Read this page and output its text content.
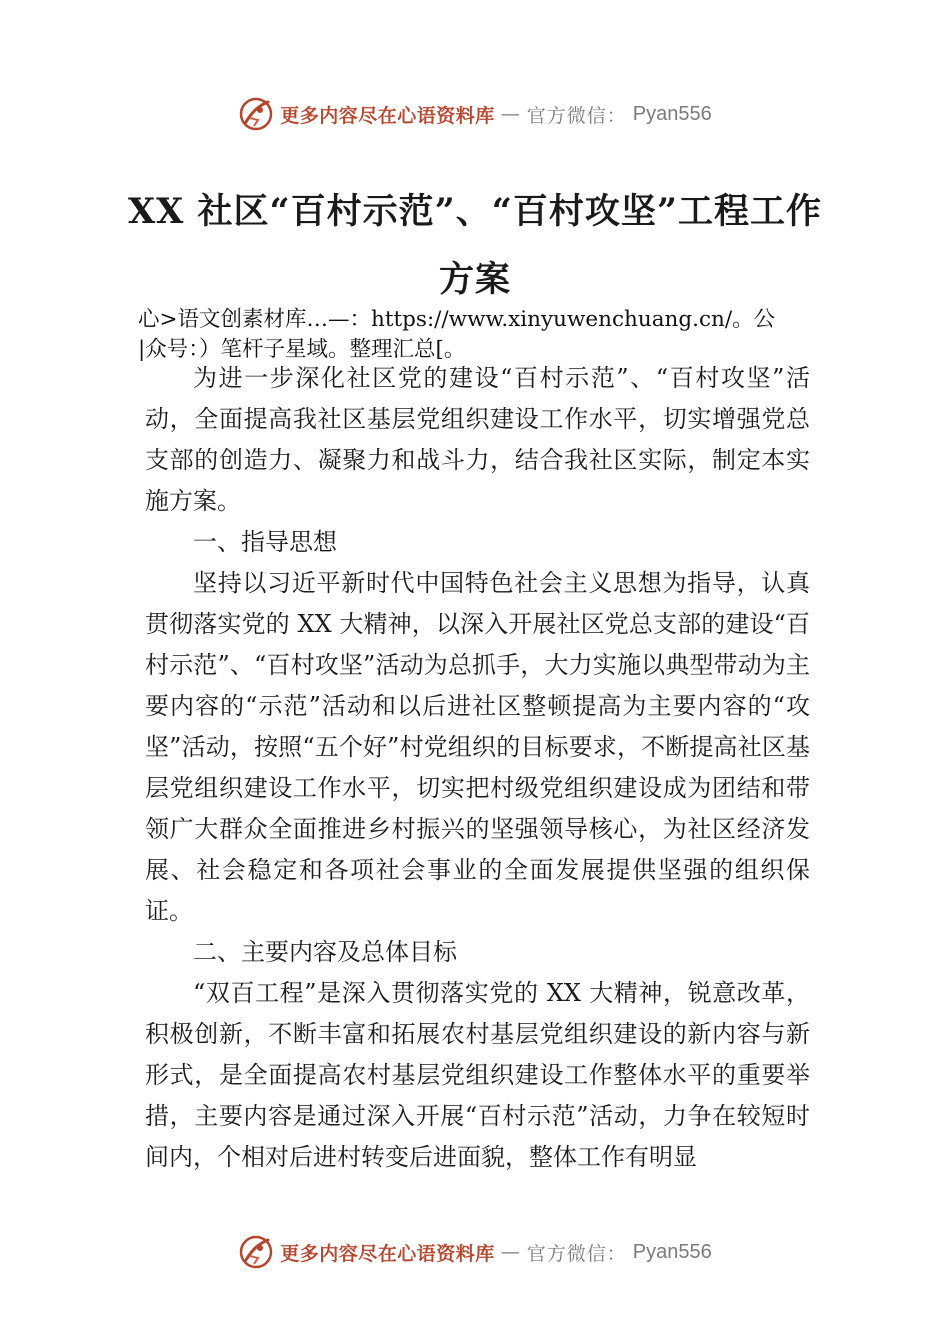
更多内容尽在心语资料库 — 官方微信： Pyan556
XX 社区“百村示范”、“百村攻坚”工程工作
方案
心>语文创素材库…—：https://www.xinyuwenchuang.cn/。公
|众号：）笔杆子星域。整理汇总[。

为进一步深化社区党的建设“百村示范”、“百村攻坚”活动，全面提高我社区基层党组织建设工作水平，切实增强党总支部的创造力、凝聚力和战斗力，结合我社区实际，制定本实施方案。

一、指导思想

坚持以习近平新时代中国特色社会主义思想为指导，认真贯彻落实党的 XX 大精神，以深入开展社区党总支部的建设“百村示范”、“百村攻坚”活动为总抓手，大力实施以典型带动为主要内容的“示范”活动和以后进社区整顿提高为主要内容的“攻坚”活动，按照“五个好”村党组织的目标要求，不断提高社区基层党组织建设工作水平，切实把村级党组织建设成为团结和带领广大群众全面推进乡村振兴的坚强领导核心，为社区经济发展、社会稳定和各项社会事业的全面发展提供坚强的组织保证。

二、主要内容及总体目标

“双百工程”是深入贯彻落实党的 XX 大精神，锐意改革，积极创新，不断丰富和拓展农村基层党组织建设的新内容与新形式，是全面提高农村基层党组织建设工作整体水平的重要举措，主要内容是通过深入开展“百村示范”活动，力争在较短时间内，个相对后进村转变后进面貌，整体工作有明显

更多内容尽在心语资料库 — 官方微信： Pyan556
